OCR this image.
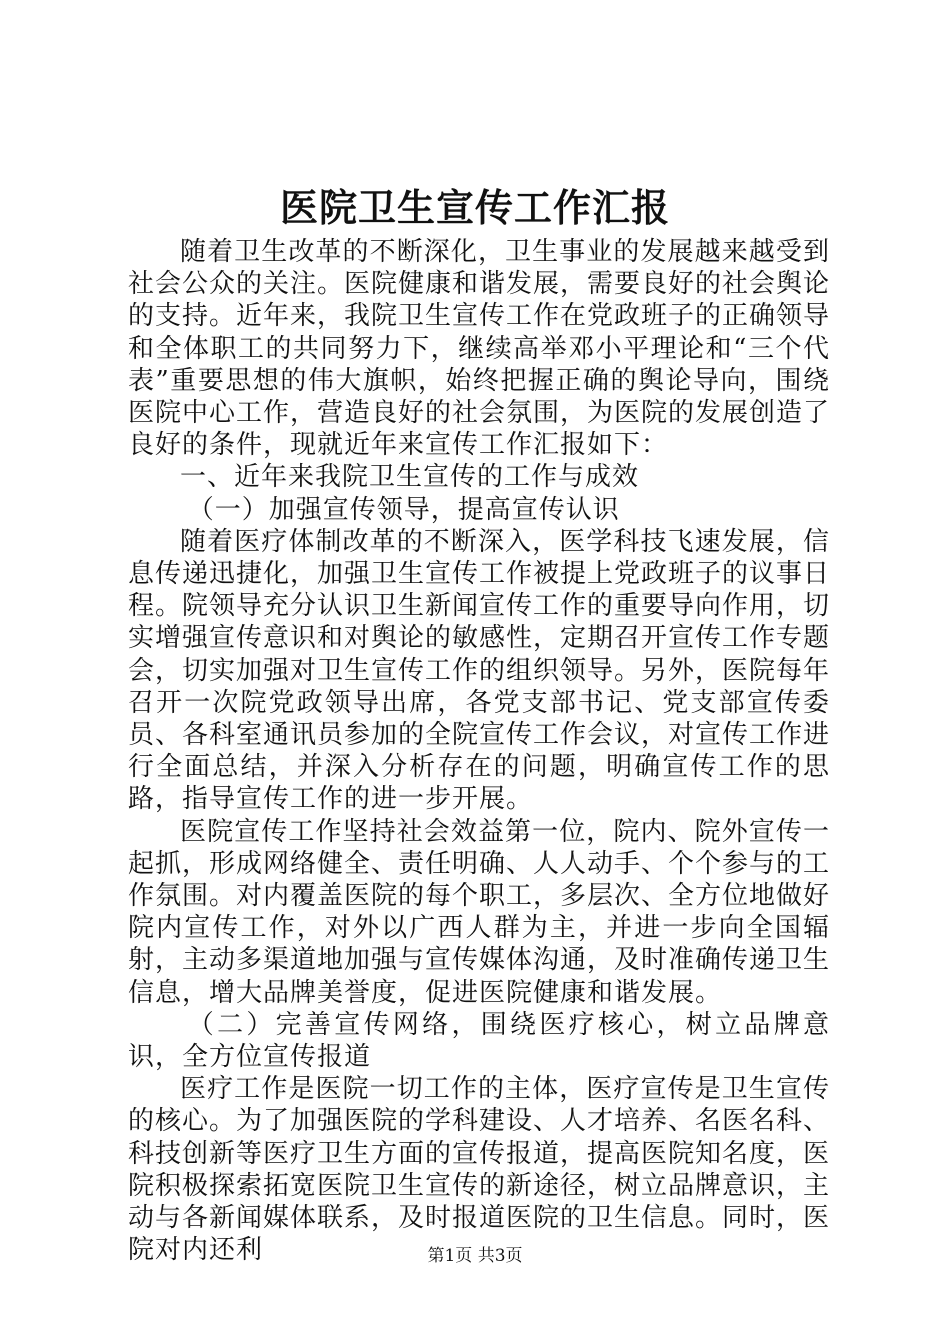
医院卫生宣传工作汇报

随着卫生改革的不断深化，卫生事业的发展越来越受到社会公众的关注。医院健康和谐发展，需要良好的社会舆论的支持。近年来，我院卫生宣传工作在党政班子的正确领导和全体职工的共同努力下，继续高举邓小平理论和“三个代表”重要思想的伟大旗帜，始终把握正确的舆论导向，围绕医院中心工作，营造良好的社会氛围，为医院的发展创造了良好的条件，现就近年来宣传工作汇报如下：

一、近年来我院卫生宣传的工作与成效

（一）加强宣传领导，提高宣传认识

随着医疗体制改革的不断深入，医学科技飞速发展，信息传递迅捷化，加强卫生宣传工作被提上党政班子的议事日程。院领导充分认识卫生新闻宣传工作的重要导向作用，切实增强宣传意识和对舆论的敏感性，定期召开宣传工作专题会，切实加强对卫生宣传工作的组织领导。另外，医院每年召开一次院党政领导出席，各党支部书记、党支部宣传委员、各科室通讯员参加的全院宣传工作会议，对宣传工作进行全面总结，并深入分析存在的问题，明确宣传工作的思路，指导宣传工作的进一步开展。

医院宣传工作坚持社会效益第一位，院内、院外宣传一起抓，形成网络健全、责任明确、人人动手、个个参与的工作氛围。对内覆盖医院的每个职工，多层次、全方位地做好院内宣传工作，对外以广西人群为主，并进一步向全国辐射，主动多渠道地加强与宣传媒体沟通，及时准确传递卫生信息，增大品牌美誉度，促进医院健康和谐发展。

（二）完善宣传网络，围绕医疗核心，树立品牌意识，全方位宣传报道

医疗工作是医院一切工作的主体，医疗宣传是卫生宣传的核心。为了加强医院的学科建设、人才培养、名医名科、科技创新等医疗卫生方面的宣传报道，提高医院知名度，医院积极探索拓宽医院卫生宣传的新途径，树立品牌意识，主动与各新闻媒体联系，及时报道医院的卫生信息。同时，医院对内还利	第1页 共3页
